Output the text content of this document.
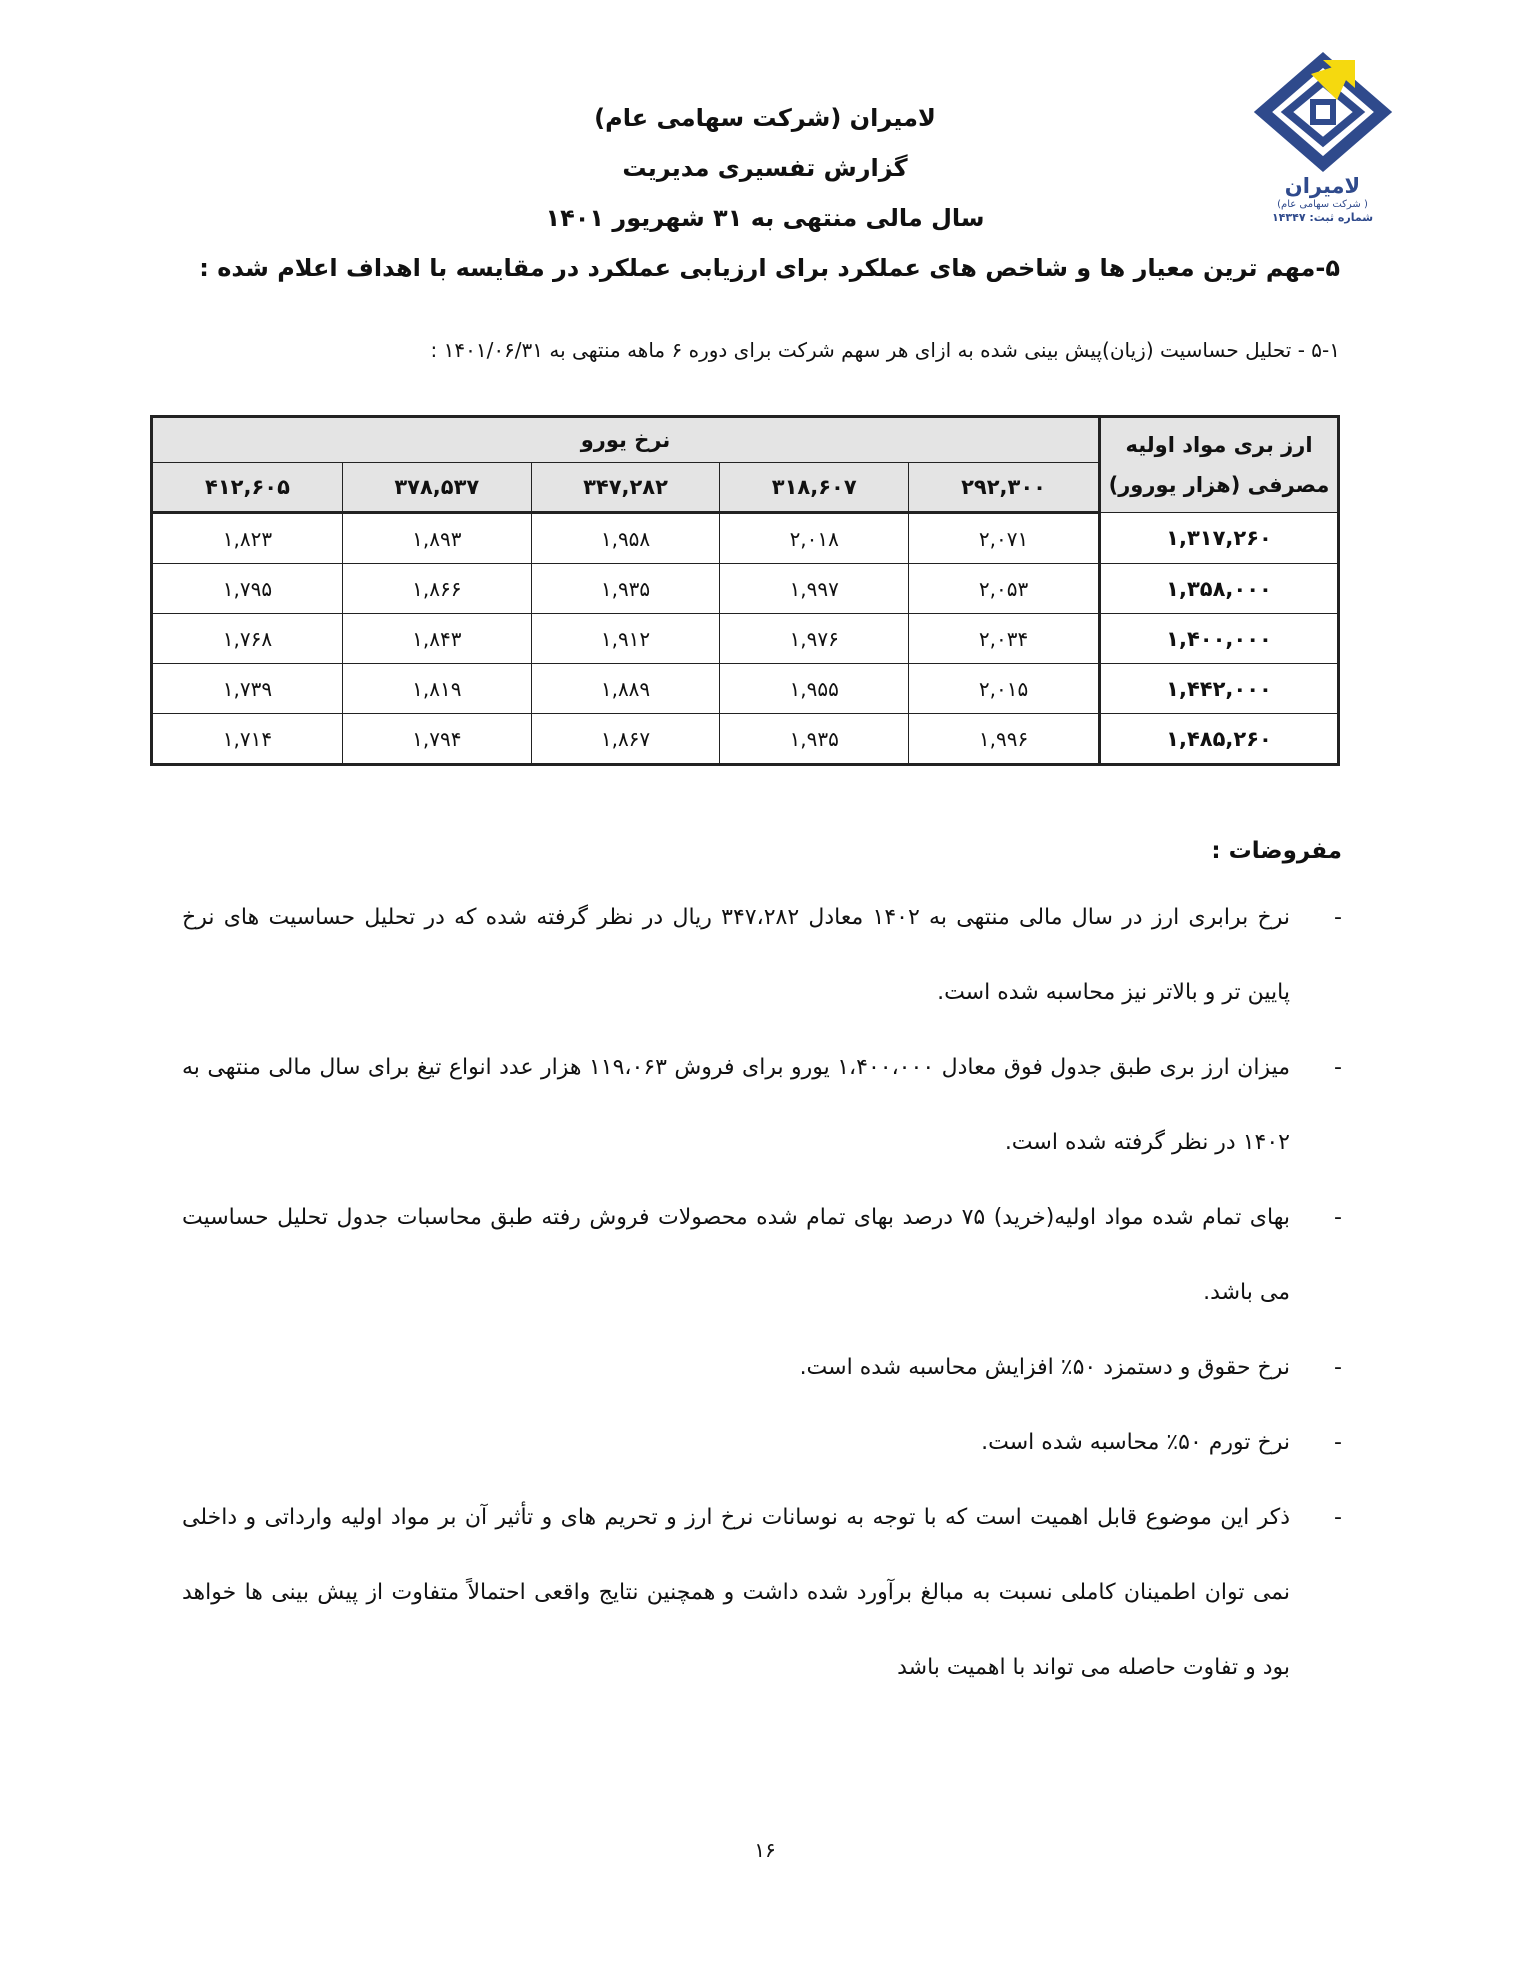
لامیران
( شرکت سهامی عام)
شماره ثبت: ۱۴۳۴۷
لامیران (شرکت سهامی عام)
گزارش تفسیری مدیریت
سال مالی منتهی به ۳۱ شهریور ۱۴۰۱
۵-مهم ترین معیار ها و شاخص های عملکرد برای ارزیابی عملکرد در مقایسه با اهداف اعلام شده :
۵-۱ - تحلیل حساسیت (زیان)پیش بینی شده به ازای هر سهم شرکت برای دوره ۶ ماهه منتهی به ۱۴۰۱/۰۶/۳۱ :
ارز بری مواد اولیه مصرفی (هزار یورور)	نرخ یورو				
	۲۹۲,۳۰۰	۳۱۸,۶۰۷	۳۴۷,۲۸۲	۳۷۸,۵۳۷	۴۱۲,۶۰۵
۱,۳۱۷,۲۶۰	۲,۰۷۱	۲,۰۱۸	۱,۹۵۸	۱,۸۹۳	۱,۸۲۳
۱,۳۵۸,۰۰۰	۲,۰۵۳	۱,۹۹۷	۱,۹۳۵	۱,۸۶۶	۱,۷۹۵
۱,۴۰۰,۰۰۰	۲,۰۳۴	۱,۹۷۶	۱,۹۱۲	۱,۸۴۳	۱,۷۶۸
۱,۴۴۲,۰۰۰	۲,۰۱۵	۱,۹۵۵	۱,۸۸۹	۱,۸۱۹	۱,۷۳۹
۱,۴۸۵,۲۶۰	۱,۹۹۶	۱,۹۳۵	۱,۸۶۷	۱,۷۹۴	۱,۷۱۴
مفروضات :
-
نرخ برابری ارز در سال مالی منتهی به ۱۴۰۲ معادل ۳۴۷،۲۸۲ ریال در نظر گرفته شده که در تحلیل حساسیت های نرخ پایین تر و بالاتر نیز محاسبه شده است.
-
میزان ارز بری طبق جدول فوق معادل ۱،۴۰۰،۰۰۰ یورو برای فروش ۱۱۹،۰۶۳ هزار عدد انواع تیغ برای سال مالی منتهی به ۱۴۰۲ در نظر گرفته شده است.
-
بهای تمام شده مواد اولیه(خرید) ۷۵ درصد بهای تمام شده محصولات فروش رفته طبق محاسبات جدول تحلیل حساسیت می باشد.
-
نرخ حقوق و دستمزد ۵۰٪ افزایش محاسبه شده است.
-
نرخ تورم ۵۰٪ محاسبه شده است.
-
ذکر این موضوع قابل اهمیت است که با توجه به نوسانات نرخ ارز و تحریم های و تأثیر آن بر مواد اولیه وارداتی و داخلی نمی توان اطمینان کاملی نسبت به مبالغ برآورد شده داشت و همچنین نتایج واقعی احتمالاً متفاوت از پیش بینی ها خواهد بود و تفاوت حاصله می تواند با اهمیت باشد
۱۶
